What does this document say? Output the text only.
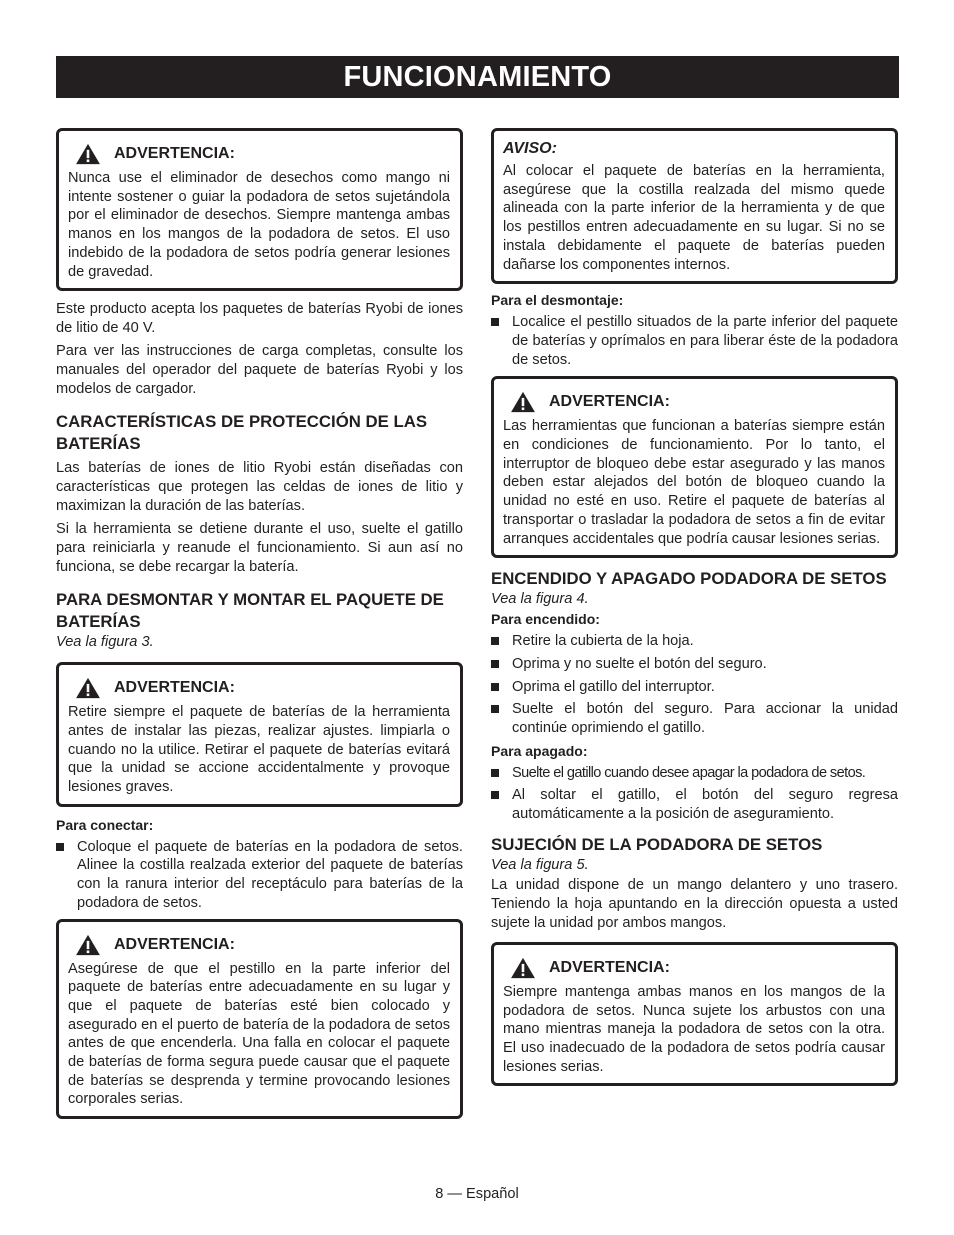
FUNCIONAMIENTO
ADVERTENCIA:

Nunca use el eliminador de desechos como mango ni intente sostener o guiar la podadora de setos sujetándola por el eliminador de desechos. Siempre mantenga ambas manos en los mangos de la podadora de setos. El uso indebido de la podadora de setos podría generar lesiones de gravedad.

Este producto acepta los paquetes de baterías Ryobi de iones de litio de 40 V.

Para ver las instrucciones de carga completas, consulte los manuales del operador del paquete de baterías Ryobi y los modelos de cargador.

CARACTERÍSTICAS DE PROTECCIÓN DE LAS BATERÍAS

Las baterías de iones de litio Ryobi están diseñadas con características que protegen las celdas de iones de litio y maximizan la duración de las baterías.

Si la herramienta se detiene durante el uso, suelte el gatillo para reiniciarla y reanude el funcionamiento. Si aun así no funciona, se debe recargar la batería.

PARA DESMONTAR Y MONTAR EL PAQUETE DE BATERÍAS

Vea la figura 3.

ADVERTENCIA:

Retire siempre el paquete de baterías de la herramienta antes de instalar las piezas, realizar ajustes. limpiarla o cuando no la utilice. Retirar el paquete de baterías evitará que la unidad se accione accidentalmente y provoque lesiones graves.

Para conectar:

Coloque el paquete de baterías en la podadora de setos. Alinee la costilla realzada exterior del paquete de baterías con la ranura interior del receptáculo para baterías de la podadora de setos.
ADVERTENCIA:

Asegúrese de que el pestillo en la parte inferior del paquete de baterías entre adecuadamente en su lugar y que el paquete de baterías esté bien colocado y asegurado en el puerto de batería de la podadora de setos antes de que encenderla. Una falla en colocar el paquete de baterías de forma segura puede causar que el paquete de baterías se desprenda y termine provocando lesiones corporales serias.

AVISO:

Al colocar el paquete de baterías en la herramienta, asegúrese que la costilla realzada del mismo quede alineada con la parte inferior de la herramienta y de que los pestillos entren adecuadamente en su lugar. Si no se instala debidamente el paquete de baterías pueden dañarse los componentes internos.

Para el desmontaje:

Localice el pestillo situados de la parte inferior del paquete de baterías y oprímalos en para liberar éste de la podadora de setos.
ADVERTENCIA:

Las herramientas que funcionan a baterías siempre están en condiciones de funcionamiento. Por lo tanto, el interruptor de bloqueo debe estar asegurado y las manos deben estar alejados del botón de bloqueo cuando la unidad no esté en uso. Retire el paquete de baterías al transportar o trasladar la podadora de setos a fin de evitar arranques accidentales que podría causar lesiones serias.

ENCENDIDO Y APAGADO PODADORA DE SETOS

Vea la figura 4.

Para encendido:

Retire la cubierta de la hoja.
Oprima y no suelte el botón del seguro.
Oprima el gatillo del interruptor.
Suelte el botón del seguro. Para accionar la unidad continúe oprimiendo el gatillo.

Para apagado:

Suelte el gatillo cuando desee apagar la podadora de setos.
Al soltar el gatillo, el botón del seguro regresa automáticamente a la posición de aseguramiento.
SUJECIÓN DE LA PODADORA DE SETOS

Vea la figura 5.

La unidad dispone de un mango delantero y uno trasero. Teniendo la hoja apuntando en la dirección opuesta a usted sujete la unidad por ambos mangos.

ADVERTENCIA:

Siempre mantenga ambas manos en los mangos de la podadora de setos. Nunca sujete los arbustos con una mano mientras maneja la podadora de setos con la otra. El uso inadecuado de la podadora de setos podría causar lesiones serias.

8 — Español
